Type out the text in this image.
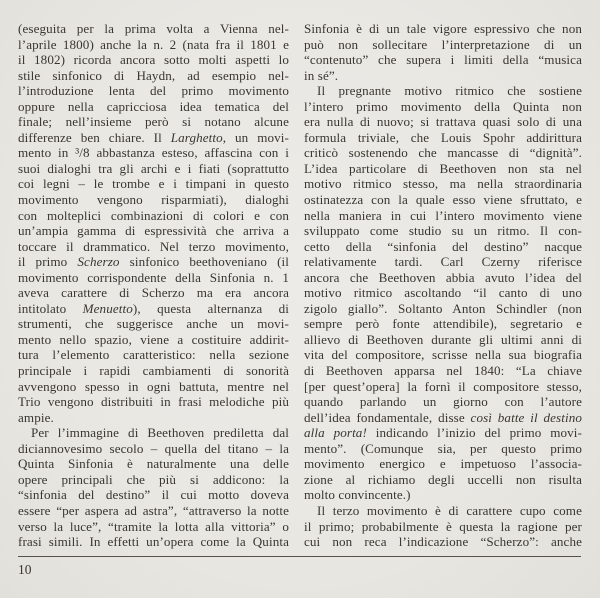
(eseguita per la prima volta a Vienna nel-
l’aprile 1800) anche la n. 2 (nata fra il 1801 e
il 1802) ricorda ancora sotto molti aspetti lo
stile sinfonico di Haydn, ad esempio nel-
l’introduzione lenta del primo movimento
oppure nella capricciosa idea tematica del
finale; nell’insieme però si notano alcune
differenze ben chiare. Il Larghetto, un movi-
mento in ³/8 abbastanza esteso, affascina con i
suoi dialoghi tra gli archi e i fiati (soprattutto
coi legni – le trombe e i timpani in questo
movimento vengono risparmiati), dialoghi
con molteplici combinazioni di colori e con
un’ampia gamma di espressività che arriva a
toccare il drammatico. Nel terzo movimento,
il primo Scherzo sinfonico beethoveniano (il
movimento corrispondente della Sinfonia n. 1
aveva carattere di Scherzo ma era ancora
intitolato Menuetto), questa alternanza di
strumenti, che suggerisce anche un movi-
mento nello spazio, viene a costituire addirit-
tura l’elemento caratteristico: nella sezione
principale i rapidi cambiamenti di sonorità
avvengono spesso in ogni battuta, mentre nel
Trio vengono distribuiti in frasi melodiche più
ampie.
Per l’immagine di Beethoven prediletta dal
diciannovesimo secolo – quella del titano – la
Quinta Sinfonia è naturalmente una delle
opere principali che più si addicono: la
“sinfonia del destino” il cui motto doveva
essere “per aspera ad astra”, “attraverso la notte
verso la luce”, “tramite la lotta alla vittoria” o
frasi simili. In effetti un’opera come la Quinta
Sinfonia è di un tale vigore espressivo che non
può non sollecitare l’interpretazione di un
“contenuto” che supera i limiti della “musica
in sé”.
Il pregnante motivo ritmico che sostiene
l’intero primo movimento della Quinta non
era nulla di nuovo; si trattava quasi solo di una
formula triviale, che Louis Spohr addirittura
criticò sostenendo che mancasse di “dignità”.
L’idea particolare di Beethoven non sta nel
motivo ritmico stesso, ma nella straordinaria
ostinatezza con la quale esso viene sfruttato, e
nella maniera in cui l’intero movimento viene
sviluppato come studio su un ritmo. Il con-
cetto della “sinfonia del destino” nacque
relativamente tardi. Carl Czerny riferisce
ancora che Beethoven abbia avuto l’idea del
motivo ritmico ascoltando “il canto di uno
zigolo giallo”. Soltanto Anton Schindler (non
sempre però fonte attendibile), segretario e
allievo di Beethoven durante gli ultimi anni di
vita del compositore, scrisse nella sua biografia
di Beethoven apparsa nel 1840: “La chiave
[per quest’opera] la fornì il compositore stesso,
quando parlando un giorno con l’autore
dell’idea fondamentale, disse così batte il destino
alla porta! indicando l’inizio del primo movi-
mento”. (Comunque sia, per questo primo
movimento energico e impetuoso l’associa-
zione al richiamo degli uccelli non risulta
molto convincente.)
Il terzo movimento è di carattere cupo come
il primo; probabilmente è questa la ragione per
cui non reca l’indicazione “Scherzo”: anche
10
